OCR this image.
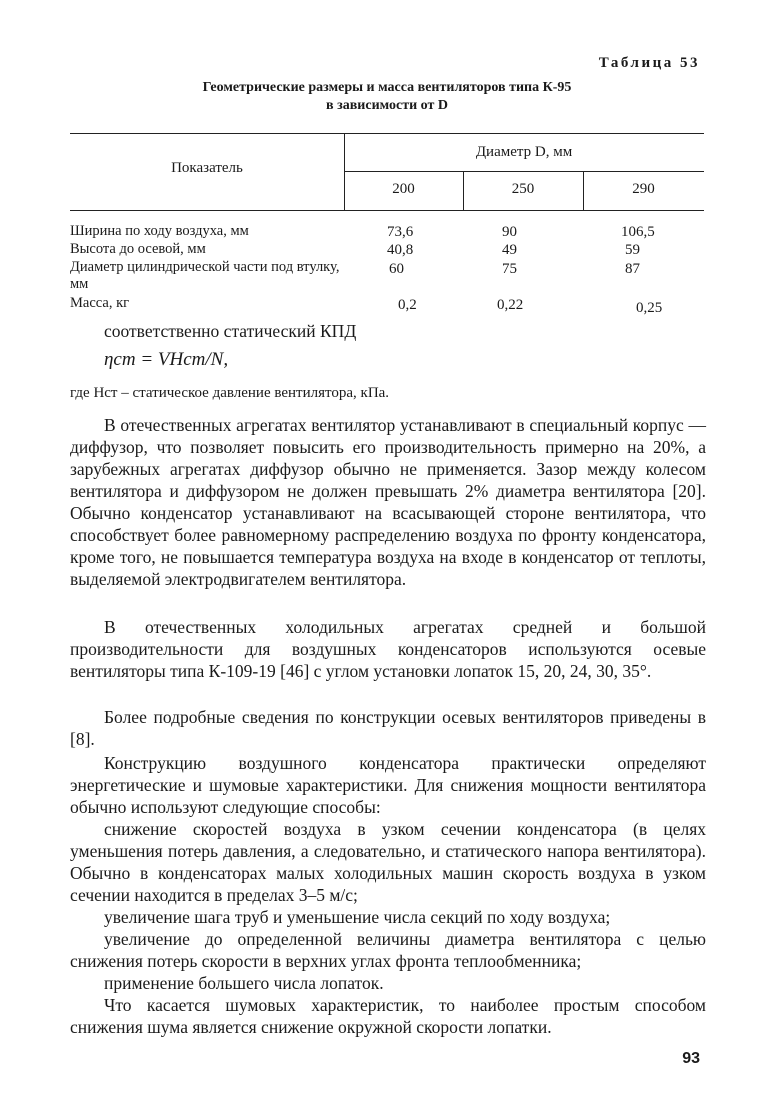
Таблица 53
Геометрические размеры и масса вентиляторов типа К-95
в зависимости от D
Показатель
Диаметр D, мм
200	250	290
Ширина по ходу воздуха, мм	73,6	90	106,5
Высота до осевой, мм	40,8	49	59
Диаметр цилиндрической части под втулку, мм
60	75	87
Масса, кг	0,2	0,22	0,25
соответственно статический КПД
ηст = VHст/N,
где Hст – статическое давление вентилятора, кПа.
В отечественных агрегатах вентилятор устанавливают в специальный корпус — диффузор, что позволяет повысить его производительность примерно на 20%, а зарубежных агрегатах диффузор обычно не применяется. Зазор между колесом вентилятора и диффузором не должен превышать 2% диаметра вентилятора [20]. Обычно конденсатор устанавливают на всасывающей стороне вентилятора, что способствует более равномерному распределению воздуха по фронту конденсатора, кроме того, не повышается температура воздуха на входе в конденсатор от теплоты, выделяемой электродвигателем вентилятора.
В отечественных холодильных агрегатах средней и большой производительности для воздушных конденсаторов используются осевые вентиляторы типа К-109-19 [46] с углом установки лопаток 15, 20, 24, 30, 35°.
Более подробные сведения по конструкции осевых вентиляторов приведены в [8].
Конструкцию воздушного конденсатора практически определяют энергетические и шумовые характеристики. Для снижения мощности вентилятора обычно используют следующие способы:
снижение скоростей воздуха в узком сечении конденсатора (в целях уменьшения потерь давления, а следовательно, и статического напора вентилятора). Обычно в конденсаторах малых холодильных машин скорость воздуха в узком сечении находится в пределах 3–5 м/с;
увеличение шага труб и уменьшение числа секций по ходу воздуха;
увеличение до определенной величины диаметра вентилятора с целью снижения потерь скорости в верхних углах фронта теплообменника;
применение большего числа лопаток.
Что касается шумовых характеристик, то наиболее простым способом снижения шума является снижение окружной скорости лопатки.
93
